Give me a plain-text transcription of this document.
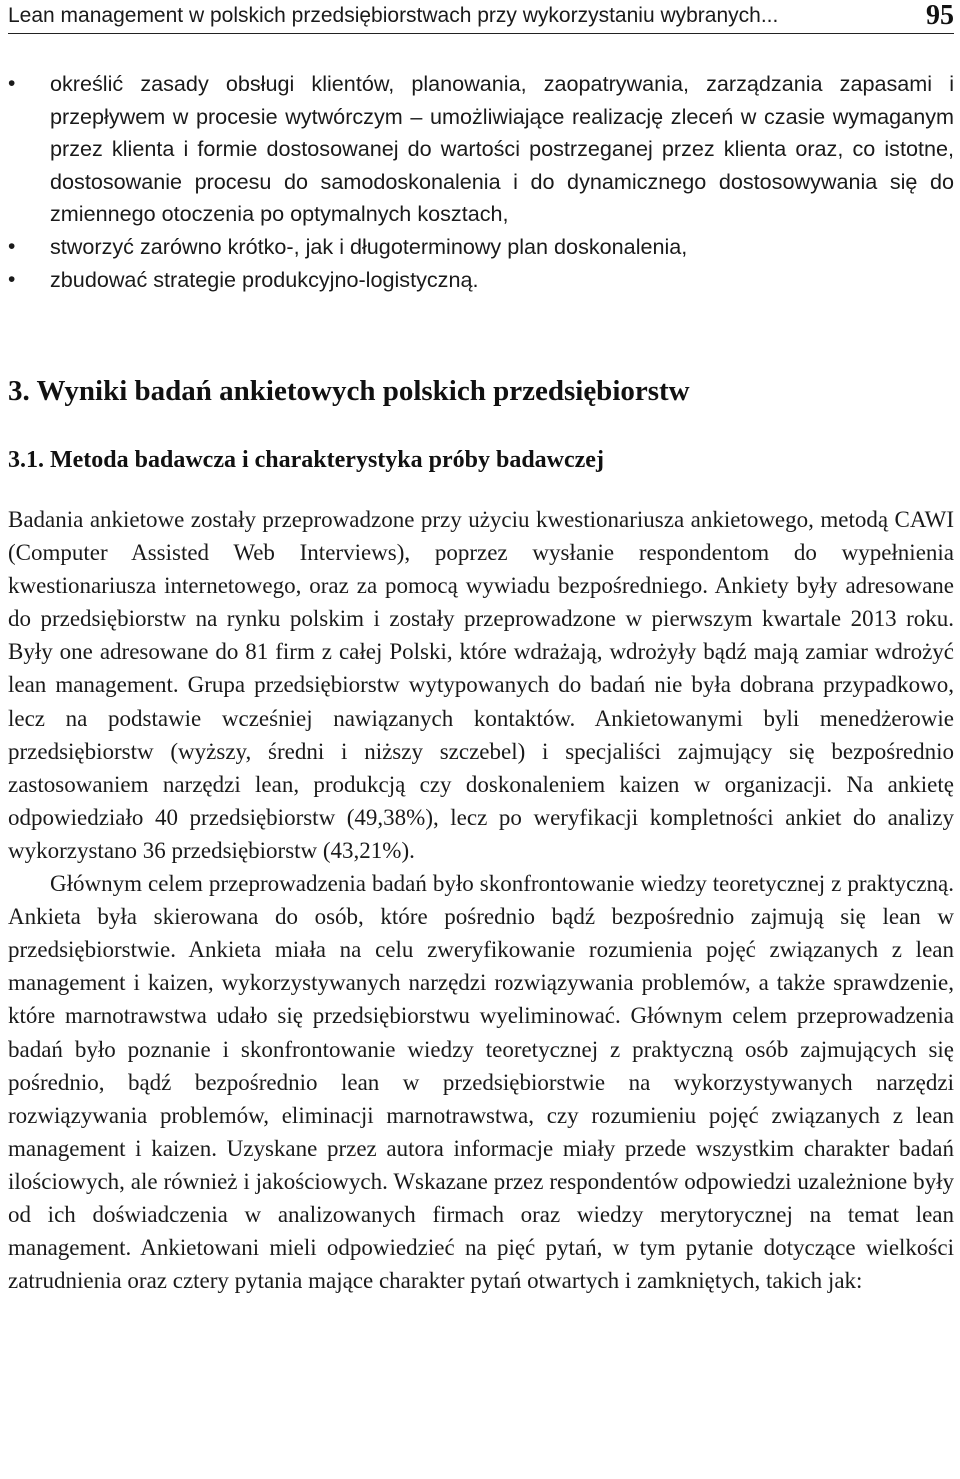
Lean management w polskich przedsiębiorstwach przy wykorzystaniu wybranych...	95
•	określić zasady obsługi klientów, planowania, zaopatrywania, zarządzania zapasami i przepływem w procesie wytwórczym – umożliwiające realizację zleceń w czasie wymaganym przez klienta i formie dostosowanej do wartości postrzeganej przez klienta oraz, co istotne, dostosowanie procesu do samodoskonalenia i do dynamicznego dostosowywania się do zmiennego otoczenia po optymalnych kosztach,
•	stworzyć zarówno krótko-, jak i długoterminowy plan doskonalenia,
•	zbudować strategie produkcyjno-logistyczną.
3. Wyniki badań ankietowych polskich przedsiębiorstw
3.1. Metoda badawcza i charakterystyka próby badawczej

Badania ankietowe zostały przeprowadzone przy użyciu kwestionariusza ankietowego, metodą CAWI (Computer Assisted Web Interviews), poprzez wysłanie respondentom do wypełnienia kwestionariusza internetowego, oraz za pomocą wywiadu bezpośredniego. Ankiety były adresowane do przedsiębiorstw na rynku polskim i zostały przeprowadzone w pierwszym kwartale 2013 roku. Były one adresowane do 81 firm z całej Polski, które wdrażają, wdrożyły bądź mają zamiar wdrożyć lean management. Grupa przedsiębiorstw wytypowanych do badań nie była dobrana przypadkowo, lecz na podstawie wcześniej nawiązanych kontaktów. Ankietowanymi byli menedżerowie przedsiębiorstw (wyższy, średni i niższy szczebel) i specjaliści zajmujący się bezpośrednio zastosowaniem narzędzi lean, produkcją czy doskonaleniem kaizen w organizacji. Na ankietę odpowiedziało 40 przedsiębiorstw (49,38%), lecz po weryfikacji kompletności ankiet do analizy wykorzystano 36 przedsiębiorstw (43,21%).

Głównym celem przeprowadzenia badań było skonfrontowanie wiedzy teoretycznej z praktyczną. Ankieta była skierowana do osób, które pośrednio bądź bezpośrednio zajmują się lean w przedsiębiorstwie. Ankieta miała na celu zweryfikowanie rozumienia pojęć związanych z lean management i kaizen, wykorzystywanych narzędzi rozwiązywania problemów, a także sprawdzenie, które marnotrawstwa udało się przedsiębiorstwu wyeliminować. Głównym celem przeprowadzenia badań było poznanie i skonfrontowanie wiedzy teoretycznej z praktyczną osób zajmujących się pośrednio, bądź bezpośrednio lean w przedsiębiorstwie na wykorzystywanych narzędzi rozwiązywania problemów, eliminacji marnotrawstwa, czy rozumieniu pojęć związanych z lean management i kaizen. Uzyskane przez autora informacje miały przede wszystkim charakter badań ilościowych, ale również i jakościowych. Wskazane przez respondentów odpowiedzi uzależnione były od ich doświadczenia w analizowanych firmach oraz wiedzy merytorycznej na temat lean management. Ankietowani mieli odpowiedzieć na pięć pytań, w tym pytanie dotyczące wielkości zatrudnienia oraz cztery pytania mające charakter pytań otwartych i zamkniętych, takich jak:
